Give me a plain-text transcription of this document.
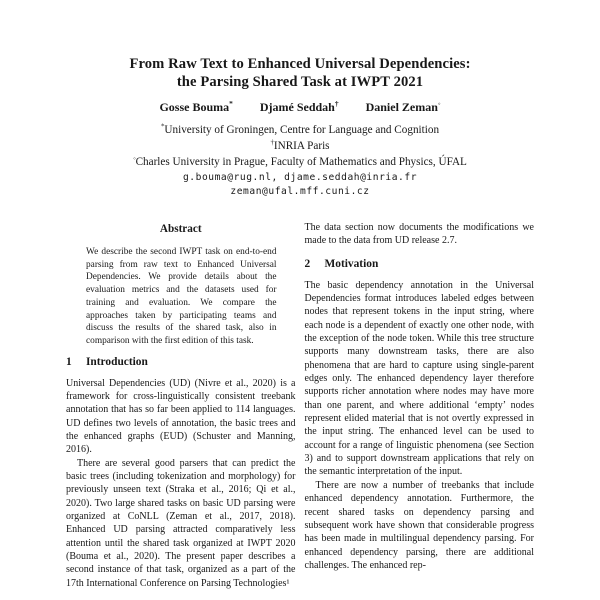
From Raw Text to Enhanced Universal Dependencies:
the Parsing Shared Task at IWPT 2021
Gosse Bouma* Djamé Seddah† Daniel Zeman◦
*University of Groningen, Centre for Language and Cognition
†INRIA Paris
◦Charles University in Prague, Faculty of Mathematics and Physics, ÚFAL
g.bouma@rug.nl, djame.seddah@inria.fr
zeman@ufal.mff.cuni.cz
Abstract
We describe the second IWPT task on end-to-end parsing from raw text to Enhanced Universal Dependencies. We provide details about the evaluation metrics and the datasets used for training and evaluation. We compare the approaches taken by participating teams and discuss the results of the shared task, also in comparison with the first edition of this task.
1 Introduction

Universal Dependencies (UD) (Nivre et al., 2020) is a framework for cross-linguistically consistent treebank annotation that has so far been applied to 114 languages. UD defines two levels of annotation, the basic trees and the enhanced graphs (EUD) (Schuster and Manning, 2016).

There are several good parsers that can predict the basic trees (including tokenization and morphology) for previously unseen text (Straka et al., 2016; Qi et al., 2020). Two large shared tasks on basic UD parsing were organized at CoNLL (Zeman et al., 2017, 2018). Enhanced UD parsing attracted comparatively less attention until the shared task organized at IWPT 2020 (Bouma et al., 2020). The present paper describes a second instance of that task, organized as a part of the 17th International Conference on Parsing Technologies¹

The data section now documents the modifications we made to the data from UD release 2.7.

2 Motivation

The basic dependency annotation in the Universal Dependencies format introduces labeled edges between nodes that represent tokens in the input string, where each node is a dependent of exactly one other node, with the exception of the node token. While this tree structure supports many downstream tasks, there are also phenomena that are hard to capture using single-parent edges only. The enhanced dependency layer therefore supports richer annotation where nodes may have more than one parent, and where additional ‘empty’ nodes represent elided material that is not overtly expressed in the input string. The enhanced level can be used to account for a range of linguistic phenomena (see Section 3) and to support downstream applications that rely on the semantic interpretation of the input.

There are now a number of treebanks that include enhanced dependency annotation. Furthermore, the recent shared tasks on dependency parsing and subsequent work have shown that considerable progress has been made in multilingual dependency parsing. For enhanced dependency parsing, there are additional challenges. The enhanced rep-
